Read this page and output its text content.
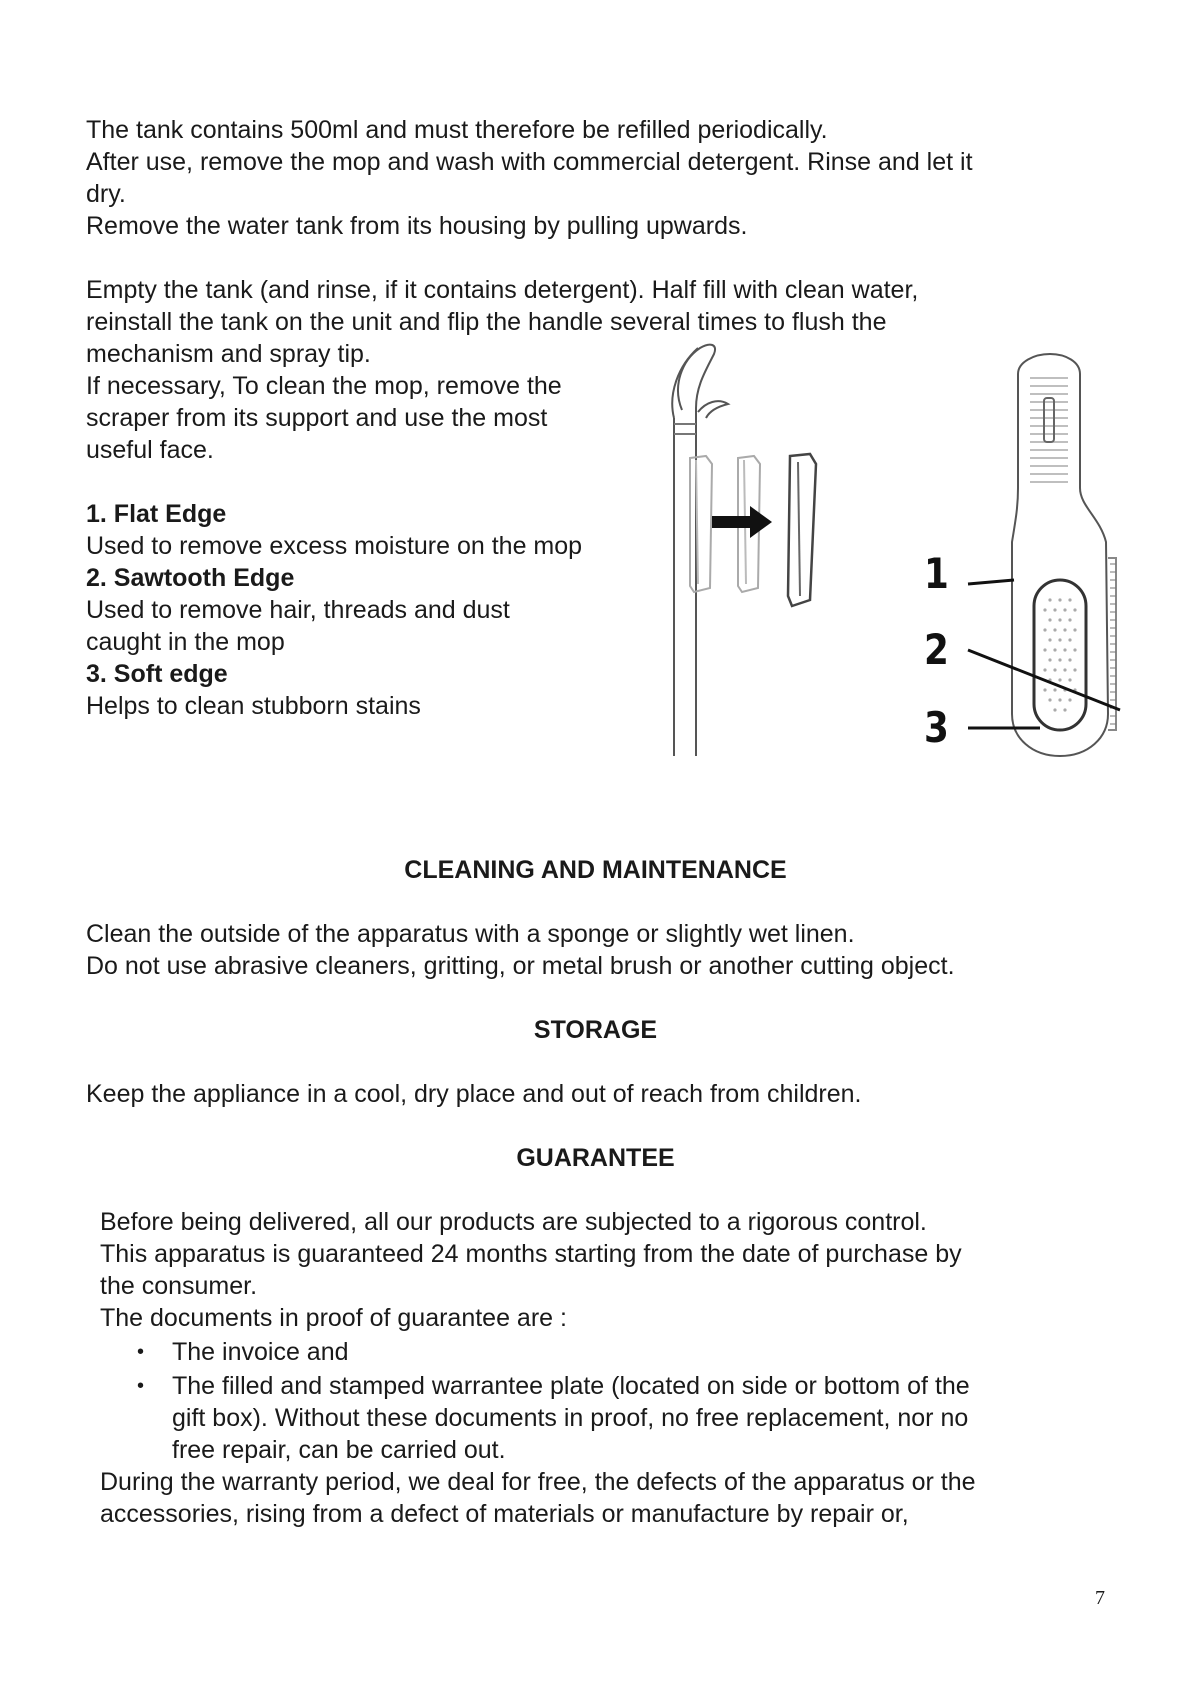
The tank contains 500ml and must therefore be refilled periodically.

After use, remove the mop and wash with commercial detergent. Rinse and let it

dry.

Remove the water tank from its housing by pulling upwards.

Empty the tank (and rinse, if it contains detergent). Half fill with clean water,

reinstall the tank on the unit and flip the handle several times to flush the

mechanism and spray tip.

If necessary, To clean the mop, remove the

scraper from its support and use the most

useful face.

1. Flat Edge

Used to remove excess moisture on the mop

2. Sawtooth Edge

Used to remove hair, threads and dust

caught in the mop

3. Soft edge

Helps to clean stubborn stains

1
2
3

CLEANING AND MAINTENANCE

Clean the outside of the apparatus with a sponge or slightly wet linen.

Do not use abrasive cleaners, gritting, or metal brush or another cutting object.

STORAGE

Keep the appliance in a cool, dry place and out of reach from children.

GUARANTEE

Before being delivered, all our products are subjected to a rigorous control.

This apparatus is guaranteed 24 months starting from the date of purchase by

the consumer.

The documents in proof of guarantee are :

• The invoice and

• The filled and stamped warrantee plate (located on side or bottom of the

gift box). Without these documents in proof, no free replacement, nor no

free repair, can be carried out.

During the warranty period, we deal for free, the defects of the apparatus or the

accessories, rising from a defect of materials or manufacture by repair or,

7
